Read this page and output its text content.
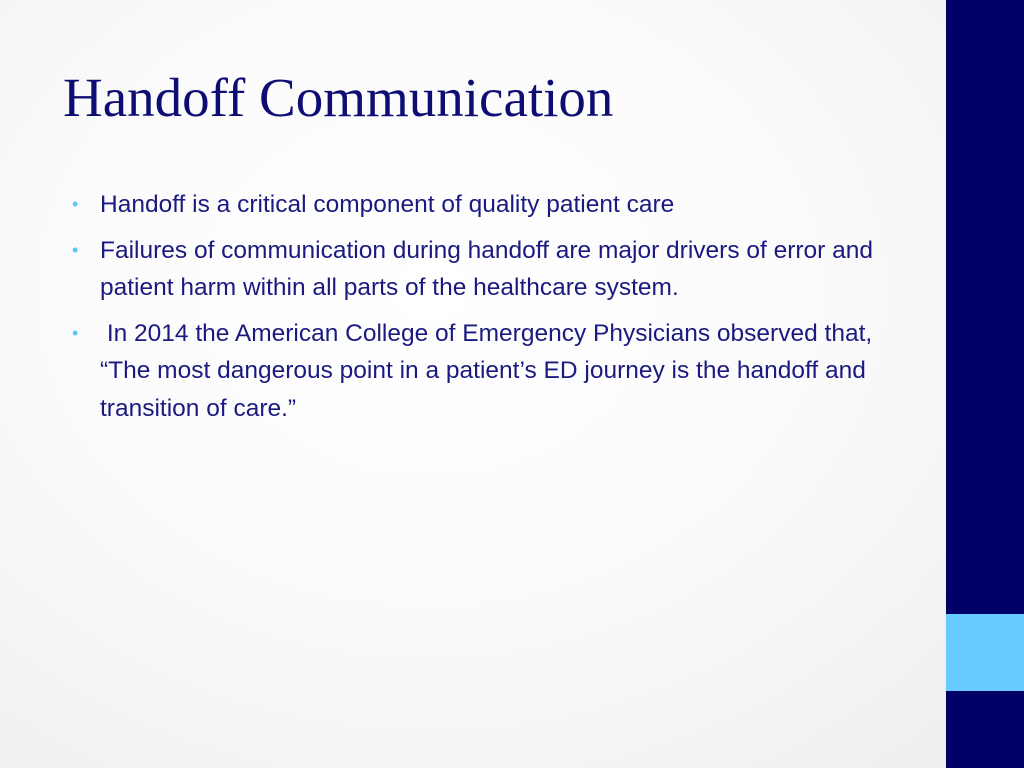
Handoff Communication
• Handoff is a critical component of quality patient care
• Failures of communication during handoff are major drivers of error and patient harm within all parts of the healthcare system.
• In 2014 the American College of Emergency Physicians observed that, “The most dangerous point in a patient’s ED journey is the handoff and transition of care.”
